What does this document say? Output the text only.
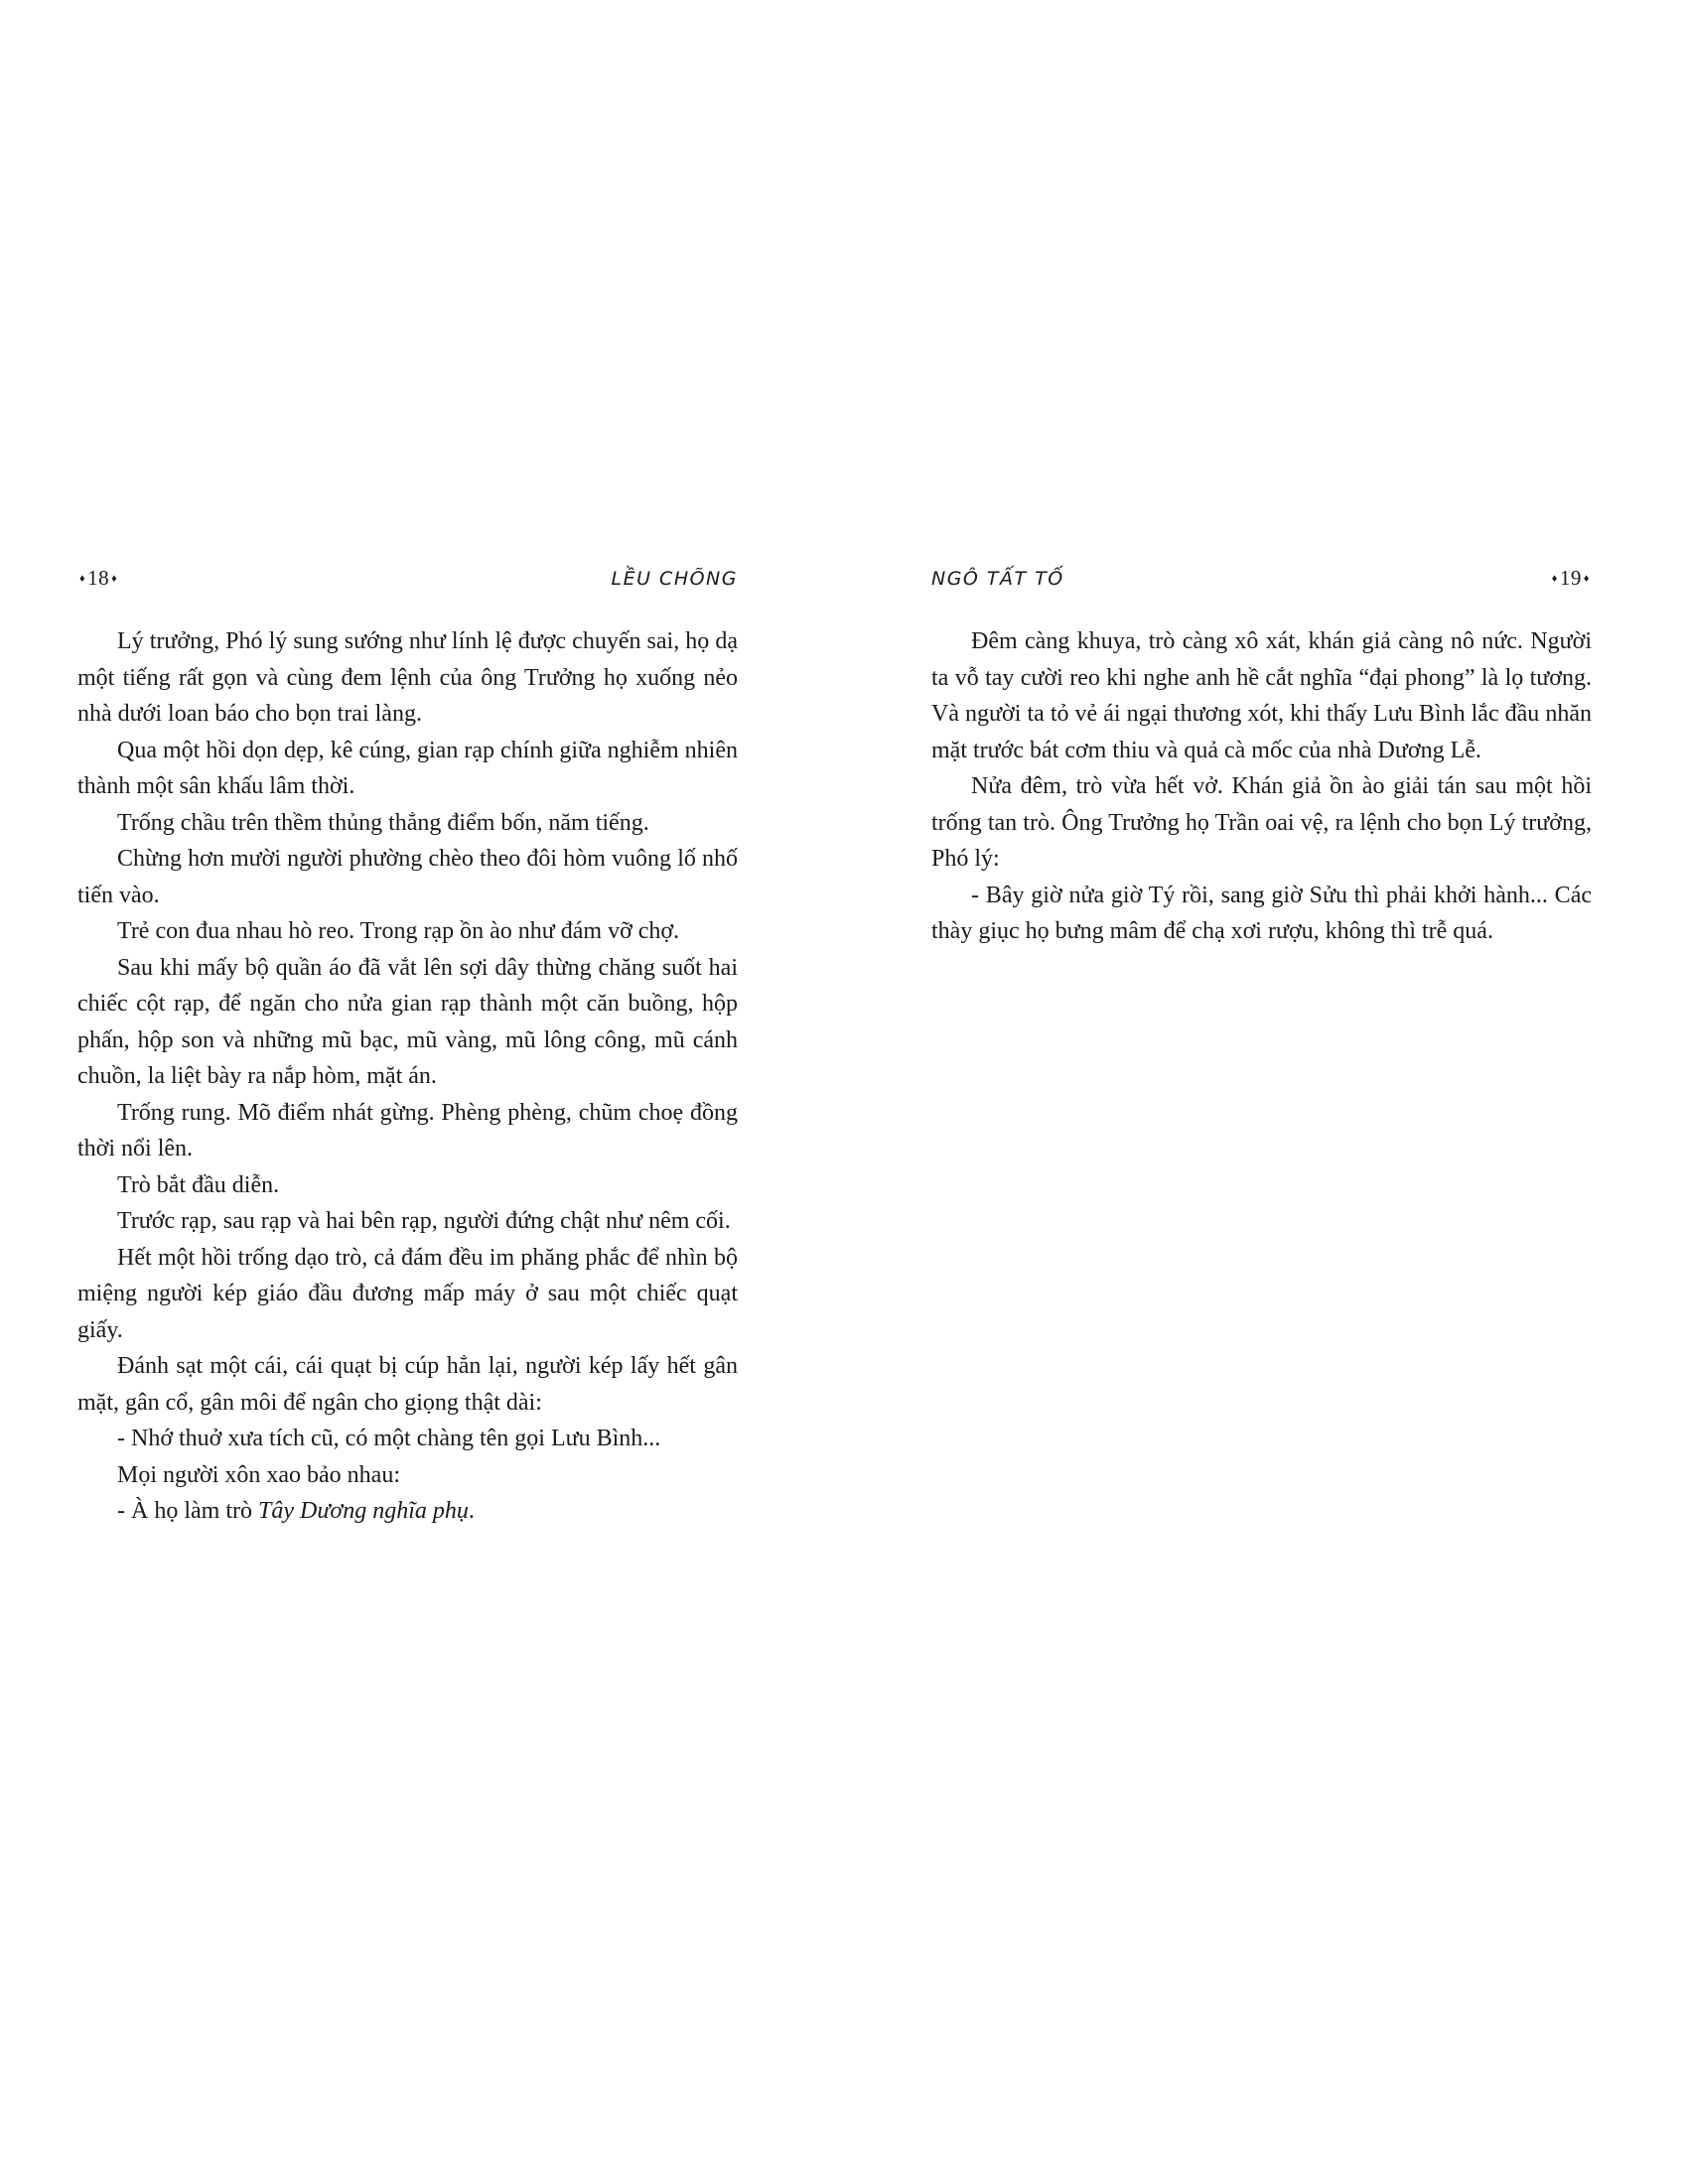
♦18 ♦	LỀU CHÕNG

Lý trưởng, Phó lý sung sướng như lính lệ được chuyến sai, họ dạ một tiếng rất gọn và cùng đem lệnh của ông Trưởng họ xuống nẻo nhà dưới loan báo cho bọn trai làng.

Qua một hồi dọn dẹp, kê cúng, gian rạp chính giữa nghiễm nhiên thành một sân khấu lâm thời.

Trống chầu trên thềm thủng thẳng điểm bốn, năm tiếng.

Chừng hơn mười người phường chèo theo đôi hòm vuông lố nhố tiến vào.

Trẻ con đua nhau hò reo. Trong rạp ồn ào như đám vỡ chợ.

Sau khi mấy bộ quần áo đã vắt lên sợi dây thừng chăng suốt hai chiếc cột rạp, để ngăn cho nửa gian rạp thành một căn buồng, hộp phấn, hộp son và những mũ bạc, mũ vàng, mũ lông công, mũ cánh chuồn, la liệt bày ra nắp hòm, mặt án.

Trống rung. Mõ điểm nhát gừng. Phèng phèng, chũm choẹ đồng thời nổi lên.

Trò bắt đầu diễn.

Trước rạp, sau rạp và hai bên rạp, người đứng chật như nêm cối.

Hết một hồi trống dạo trò, cả đám đều im phăng phắc để nhìn bộ miệng người kép giáo đầu đương mấp máy ở sau một chiếc quạt giấy.

Đánh sạt một cái, cái quạt bị cúp hẳn lại, người kép lấy hết gân mặt, gân cổ, gân môi để ngân cho giọng thật dài:

- Nhớ thuở xưa tích cũ, có một chàng tên gọi Lưu Bình...

Mọi người xôn xao bảo nhau:

- À họ làm trò Tây Dương nghĩa phụ.

NGÔ TẤT TỐ	♦19 ♦

Đêm càng khuya, trò càng xô xát, khán giả càng nô nức. Người ta vỗ tay cười reo khi nghe anh hề cắt nghĩa “đại phong” là lọ tương. Và người ta tỏ vẻ ái ngại thương xót, khi thấy Lưu Bình lắc đầu nhăn mặt trước bát cơm thiu và quả cà mốc của nhà Dương Lễ.

Nửa đêm, trò vừa hết vở. Khán giả ồn ào giải tán sau một hồi trống tan trò. Ông Trưởng họ Trần oai vệ, ra lệnh cho bọn Lý trưởng, Phó lý:

- Bây giờ nửa giờ Tý rồi, sang giờ Sửu thì phải khởi hành... Các thày giục họ bưng mâm để chạ xơi rượu, không thì trễ quá.
